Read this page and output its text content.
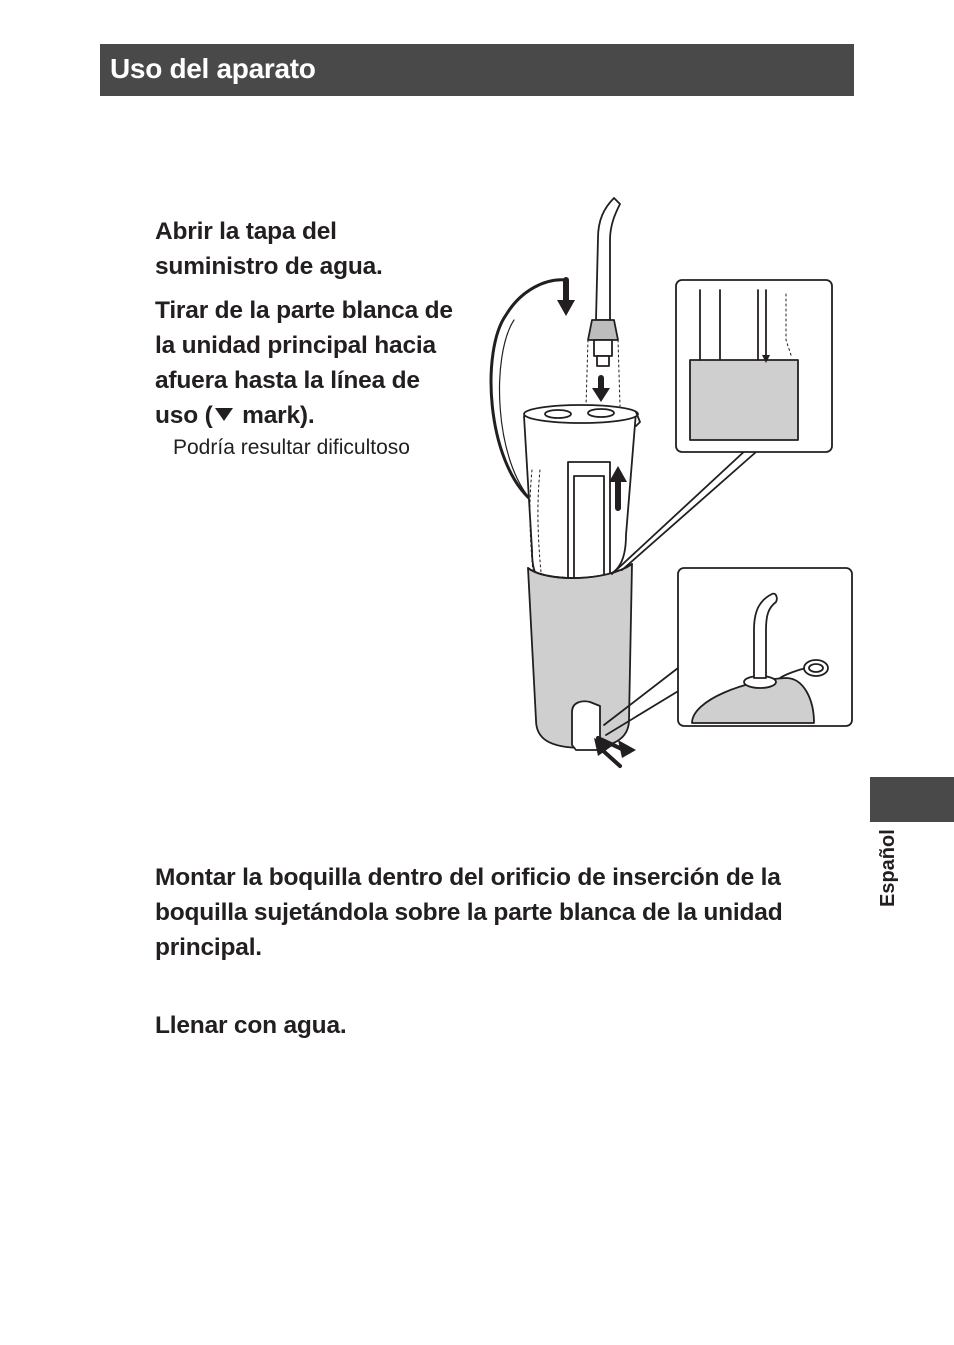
Uso del aparato
Abrir la tapa del
suministro de agua.
Tirar de la parte blanca de
la unidad principal hacia
afuera hasta la línea de
uso ( mark).
Podría resultar dificultoso
Montar la boquilla dentro del orificio de inserción de la
boquilla sujetándola sobre la parte blanca de la unidad
principal.
Llenar con agua.
Español
